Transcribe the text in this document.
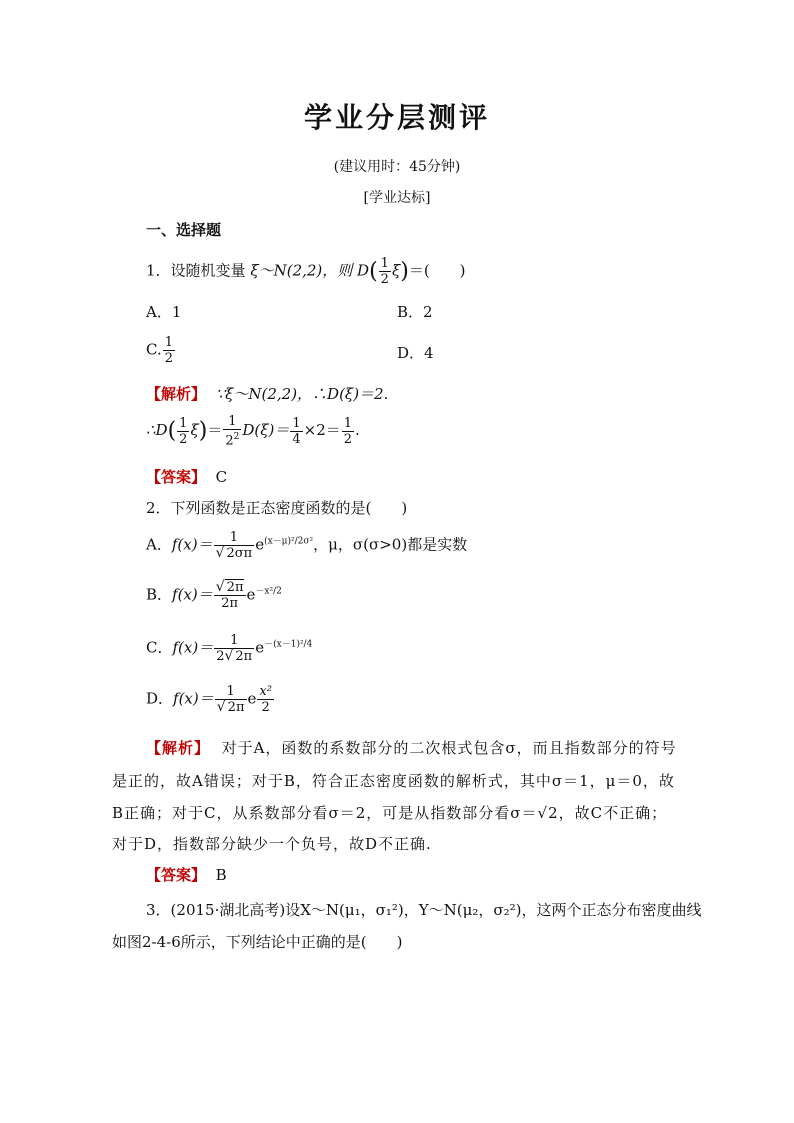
学业分层测评
(建议用时：45分钟)
[学业达标]
一、选择题
1．设随机变量 ξ～N(2,2)，则 $D( \frac{1}{2} \xi)=$(　　)
A．1	B．2
C. $\frac{1}{2}$	D．4
【解析】 ∵ξ～N(2,2)，∴D(ξ)＝2.
∴D( $\frac{1}{2} \xi)= \frac{1}{2^2} D(\xi)= \frac{1}{4} \times 2= \frac{1}{2}$ .
【答案】 C
2．下列函数是正态密度函数的是(　　)
A．$f(x)= \frac{1}{√ 2\sigma\pi} e^{(x-\mu)^2/2\sigma^2}$，μ，σ(σ>0)都是实数
B．$f(x)= \frac{√ 2\pi}{2\pi} e^{-x^2/2}$
C．$f(x)= \frac{1}{2√ 2\pi} e^{-(x-1)^2/4}$
D．$f(x)= \frac{1}{√ 2\pi}$ e $\frac{\text{x²}}{2}$
【解析】 对于A，函数的系数部分的二次根式包含σ，而且指数部分的符号
是正的，故A错误；对于B，符合正态密度函数的解析式，其中σ＝1，μ＝0，故
B正确；对于C，从系数部分看σ＝2，可是从指数部分看σ＝√2，故C不正确；
对于D，指数部分缺少一个负号，故D不正确.
【答案】 B
3．(2015·湖北高考)设X～N(μ₁，σ₁²)，Y～N(μ₂，σ₂²)，这两个正态分布密度曲线
如图2-4-6所示，下列结论中正确的是(　　)
